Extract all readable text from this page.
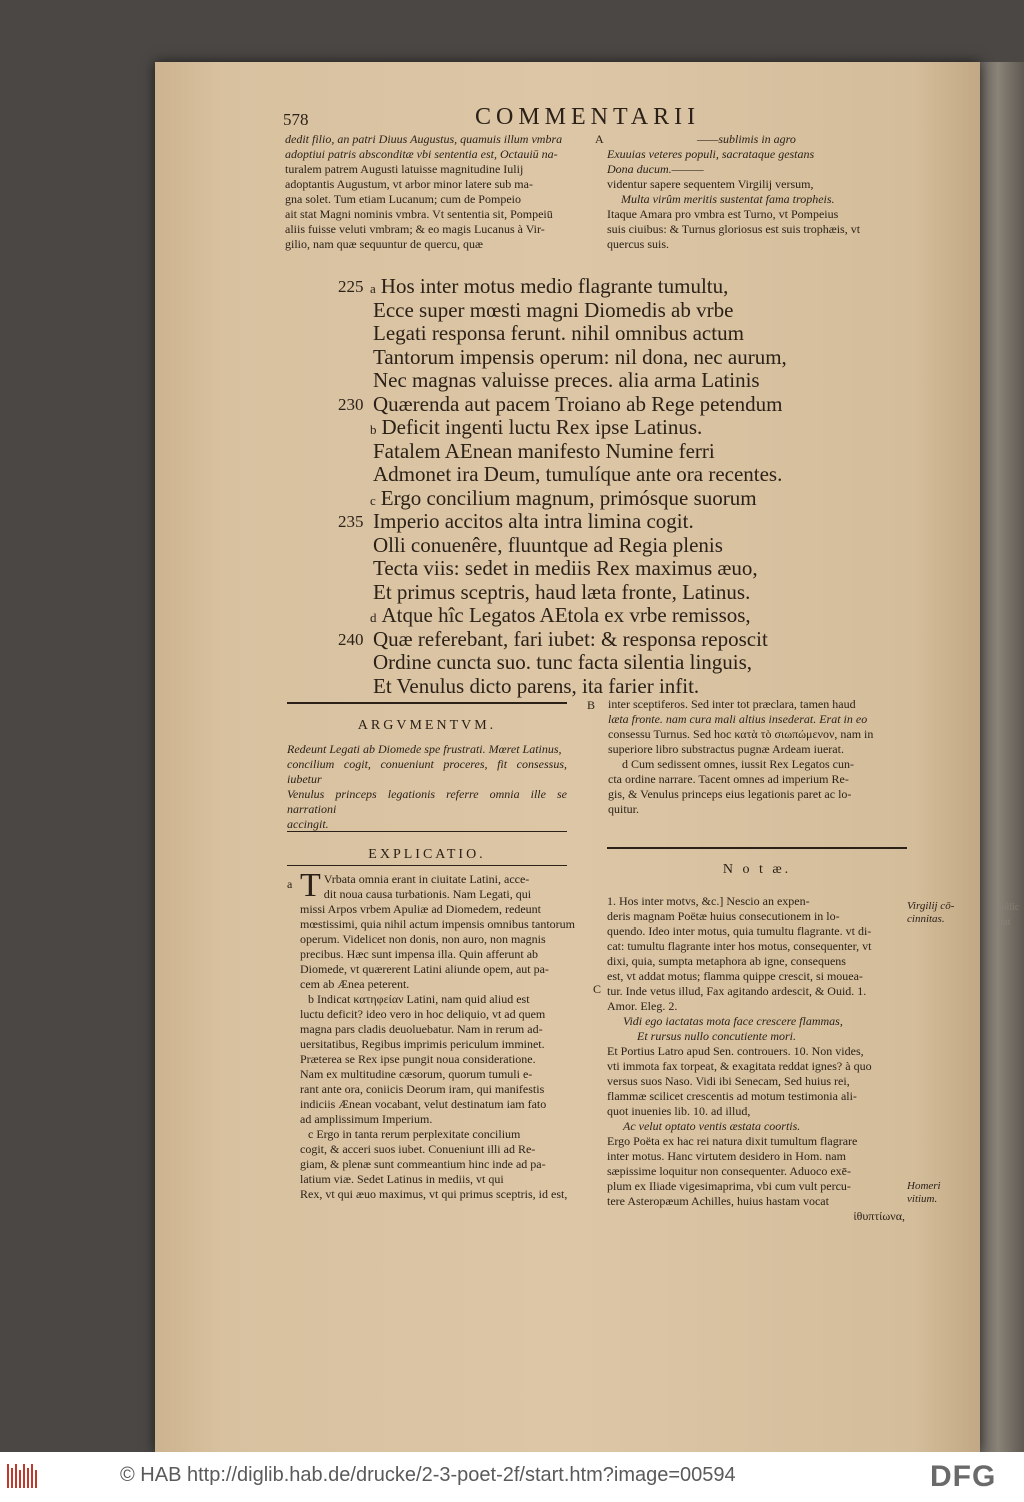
Sollic
ciat
578	COMMENTARII

dedit filio, an patri Diuus Augustus, quamuis illum vmbra

adoptiui patris absconditæ vbi sententia est, Octauiū na-

turalem patrem Augusti latuisse magnitudine Iulij

adoptantis Augustum, vt arbor minor latere sub ma-

gna solet. Tum etiam Lucanum; cum de Pompeio

ait stat Magni nominis vmbra. Vt sententia sit, Pompeiū

aliis fuisse veluti vmbram; & eo magis Lucanus à Vir-

gilio, nam quæ sequuntur de quercu, quæ

A	——sublimis in agro

Exuuias veteres populi, sacrataque gestans

Dona ducum.———

videntur sapere sequentem Virgilij versum,

Multa virûm meritis sustentat fama tropheis.

Itaque Amara pro vmbra est Turno, vt Pompeius

suis ciuibus: & Turnus gloriosus est suis trophæis, vt

quercus suis.

225 a Hos inter motus medio flagrante tumultu,
Ecce super mœsti magni Diomedis ab vrbe
Legati responsa ferunt. nihil omnibus actum
Tantorum impensis operum: nil dona, nec aurum,
Nec magnas valuisse preces. alia arma Latinis
230 Quærenda aut pacem Troiano ab Rege petendum
b Deficit ingenti luctu Rex ipse Latinus.
Fatalem AEnean manifesto Numine ferri
Admonet ira Deum, tumulíque ante ora recentes.
c Ergo concilium magnum, primósque suorum
235 Imperio accitos alta intra limina cogit.
Olli conuenêre, fluuntque ad Regia plenis
Tecta viis: sedet in mediis Rex maximus æuo,
Et primus sceptris, haud læta fronte, Latinus.
d Atque hîc Legatos AEtola ex vrbe remissos,
240 Quæ referebant, fari iubet: & responsa reposcit
Ordine cuncta suo. tunc facta silentia linguis,
Et Venulus dicto parens, ita farier infit.
B
ARGVMENTVM.

Redeunt Legati ab Diomede spe frustrati. Mœret Latinus,

concilium cogit, conueniunt proceres, fit consessus, iubetur

Venulus princeps legationis referre omnia ille se narrationi

accingit.

inter sceptiferos. Sed inter tot præclara, tamen haud

læta fronte. nam cura mali altius insederat. Erat in eo

consessu Turnus. Sed hoc κατὰ τὸ σιωπώμενον, nam in

superiore libro substractus pugnæ Ardeam iuerat.

d Cum sedissent omnes, iussit Rex Legatos cun-

cta ordine narrare. Tacent omnes ad imperium Re-

gis, & Venulus princeps eius legationis paret ac lo-

quitur.

EXPLICATIO.
a T Vrbata omnia erant in ciuitate Latini, acce-

dit noua causa turbationis. Nam Legati, qui

missi Arpos vrbem Apuliæ ad Diomedem, redeunt

mœstissimi, quia nihil actum impensis omnibus tantorum

operum. Videlicet non donis, non auro, non magnis

precibus. Hæc sunt impensa illa. Quin afferunt ab

Diomede, vt quærerent Latini aliunde opem, aut pa-

cem ab Ænea peterent.

b Indicat κατηφείαν Latini, nam quid aliud est

luctu deficit? ideo vero in hoc deliquio, vt ad quem

magna pars cladis deuoluebatur. Nam in rerum ad-

uersitatibus, Regibus imprimis periculum imminet.

Præterea se Rex ipse pungit noua consideratione.

Nam ex multitudine cæsorum, quorum tumuli e-

rant ante ora, coniicis Deorum iram, qui manifestis

indiciis Ænean vocabant, velut destinatum iam fato

ad amplissimum Imperium.

c Ergo in tanta rerum perplexitate concilium

cogit, & acceri suos iubet. Conueniunt illi ad Re-

giam, & plenæ sunt commeantium hinc inde ad pa-

latium viæ. Sedet Latinus in mediis, vt qui

Rex, vt qui æuo maximus, vt qui primus sceptris, id est,

N o t æ.
C

1. Hos inter motvs, &c.] Nescio an expen-

deris magnam Poëtæ huius consecutionem in lo-

quendo. Ideo inter motus, quia tumultu flagrante. vt di-

cat: tumultu flagrante inter hos motus, consequenter, vt

dixi, quia, sumpta metaphora ab igne, consequens

est, vt addat motus; flamma quippe crescit, si mouea-

tur. Inde vetus illud, Fax agitando ardescit, & Ouid. 1.

Amor. Eleg. 2.

Vidi ego iactatas mota face crescere flammas,

Et rursus nullo concutiente mori.

Et Portius Latro apud Sen. controuers. 10. Non vides,

vti immota fax torpeat, & exagitata reddat ignes? à quo

versus suos Naso. Vidi ibi Senecam, Sed huius rei,

flammæ scilicet crescentis ad motum testimonia ali-

quot inuenies lib. 10. ad illud,

Ac velut optato ventis æstata coortis.

Ergo Poëta ex hac rei natura dixit tumultum flagrare

inter motus. Hanc virtutem desidero in Hom. nam

sæpissime loquitur non consequenter. Aduoco exē-

plum ex Iliade vigesimaprima, vbi cum vult percu-

tere Asteropæum Achilles, huius hastam vocat

ἰθυπτίωνα,

Virgilij cō-
cinnitas.
Homeri
vitium.
© HAB http://diglib.hab.de/drucke/2-3-poet-2f/start.htm?image=00594	DFG
